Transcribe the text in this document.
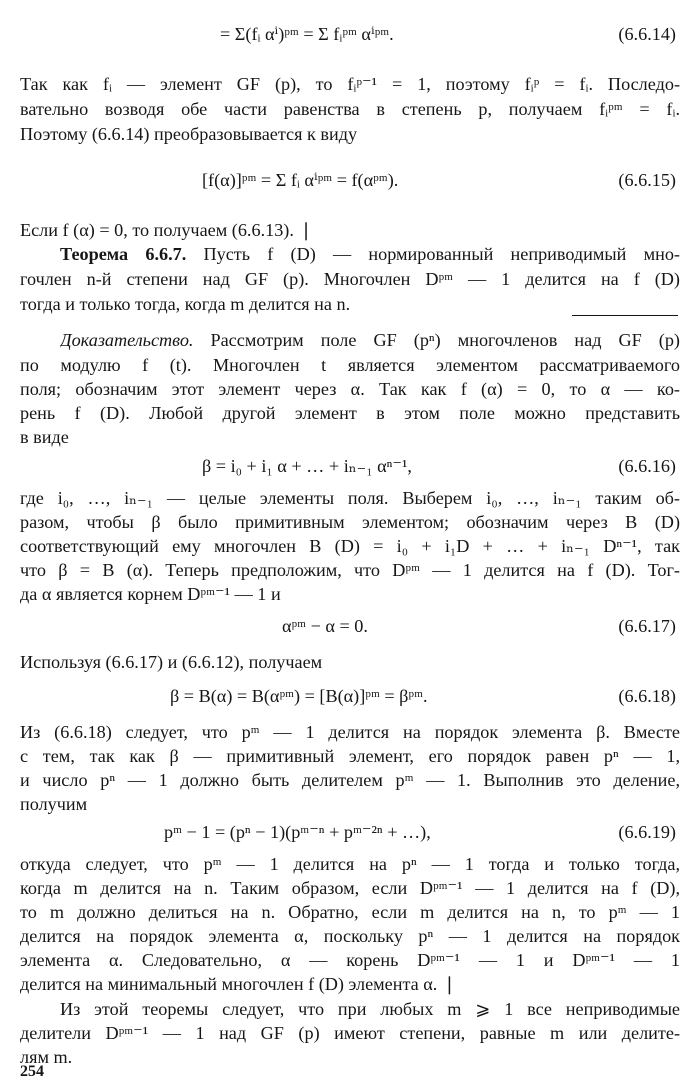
= Σ(fᵢ αⁱ)ᵖᵐ = Σ fᵢᵖᵐ αⁱᵖᵐ.	(6.6.14)
Так как fᵢ — элемент GF (p), то fᵢᵖ⁻¹ = 1, поэтому fᵢᵖ = fᵢ. Последо-
вательно возводя обе части равенства в степень p, получаем fᵢᵖᵐ = fᵢ.
Поэтому (6.6.14) преобразовывается к виду
[f(α)]ᵖᵐ = Σ fᵢ αⁱᵖᵐ = f(αᵖᵐ).	(6.6.15)
Если f (α) = 0, то получаем (6.6.13). ❘
Теорема 6.6.7. Пусть f (D) — нормированный неприводимый мно-
гочлен n-й степени над GF (p). Многочлен Dᵖᵐ — 1 делится на f (D)
тогда и только тогда, когда m делится на n.
Доказательство. Рассмотрим поле GF (pⁿ) многочленов над GF (p)
по модулю f (t). Многочлен t является элементом рассматриваемого
поля; обозначим этот элемент через α. Так как f (α) = 0, то α — ко-
рень f (D). Любой другой элемент в этом поле можно представить
в виде
β = i₀ + i₁ α + … + iₙ₋₁ αⁿ⁻¹,	(6.6.16)
где i₀, …, iₙ₋₁ — целые элементы поля. Выберем i₀, …, iₙ₋₁ таким об-
разом, чтобы β было примитивным элементом; обозначим через B (D)
соответствующий ему многочлен B (D) = i₀ + i₁D + … + iₙ₋₁ Dⁿ⁻¹, так
что β = B (α). Теперь предположим, что Dᵖᵐ — 1 делится на f (D). Тог-
да α является корнем Dᵖᵐ⁻¹ — 1 и
αᵖᵐ − α = 0.	(6.6.17)
Используя (6.6.17) и (6.6.12), получаем
β = B(α) = B(αᵖᵐ) = [B(α)]ᵖᵐ = βᵖᵐ.	(6.6.18)
Из (6.6.18) следует, что pᵐ — 1 делится на порядок элемента β. Вместе
с тем, так как β — примитивный элемент, его порядок равен pⁿ — 1,
и число pⁿ — 1 должно быть делителем pᵐ — 1. Выполнив это деление,
получим
pᵐ − 1 = (pⁿ − 1)(pᵐ⁻ⁿ + pᵐ⁻²ⁿ + …),	(6.6.19)
откуда следует, что pᵐ — 1 делится на pⁿ — 1 тогда и только тогда,
когда m делится на n. Таким образом, если Dᵖᵐ⁻¹ — 1 делится на f (D),
то m должно делиться на n. Обратно, если m делится на n, то pᵐ — 1
делится на порядок элемента α, поскольку pⁿ — 1 делится на порядок
элемента α. Следовательно, α — корень Dᵖᵐ⁻¹ — 1 и Dᵖᵐ⁻¹ — 1
делится на минимальный многочлен f (D) элемента α. ❘
Из этой теоремы следует, что при любых m ⩾ 1 все неприводимые
делители Dᵖᵐ⁻¹ — 1 над GF (p) имеют степени, равные m или делите-
лям m.
254
